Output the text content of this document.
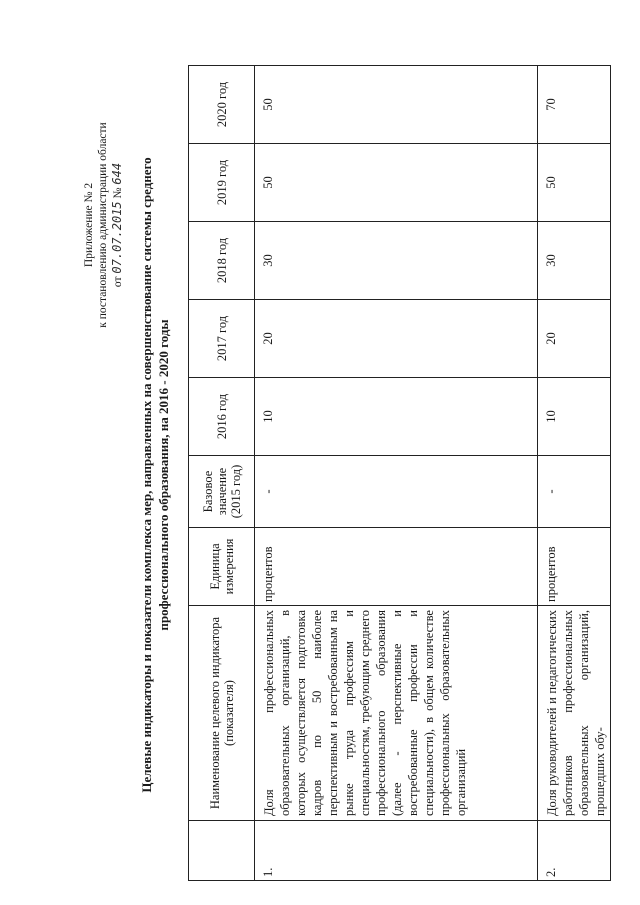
Приложение № 2 к постановлению администрации области от 07.07.2015 № 644 Целевые индикаторы и показатели комплекса мер, направленных на совершенствование системы среднего профессионального образования, на 2016 - 2020 годы
	Наименование целевого индикатора (показателя)	Единица измерения	Базовое значение (2015 год)	2016 год	2017 год	2018 год	2019 год	2020 год
1.	Доля профессиональных образовательных организаций, в которых осуществляется подготовка кадров по 50 наиболее перспективным и востребованным на рынке труда профессиям и специальностям, требующим среднего профессионального образования (далее - перспективные и востребованные профессии и специальности), в общем количестве профессиональных образовательных организаций	процентов	-	10	20	30	50	50
2.	Доля руководителей и педагогических работников профессиональных образовательных организаций, прошедших обу-	процентов	-	10	20	30	50	70
